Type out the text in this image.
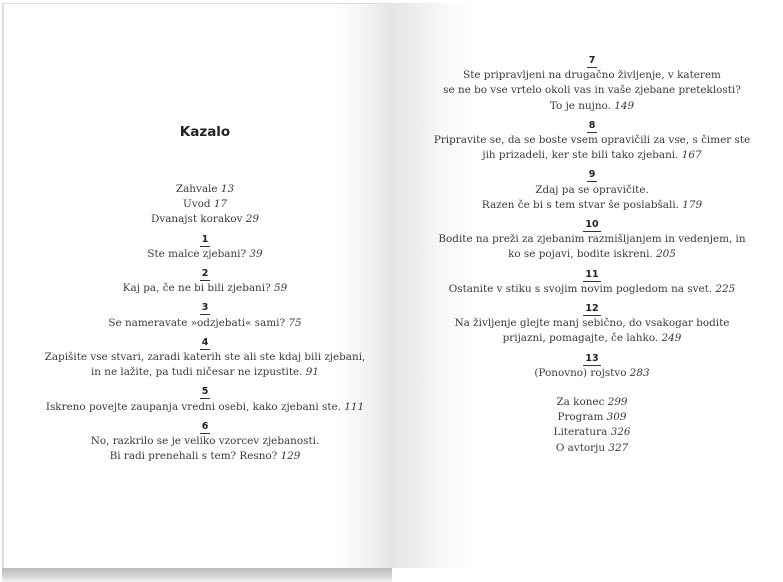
Kazalo
Zahvale 13
Uvod 17
Dvanajst korakov 29
1
Ste malce zjebani? 39
2
Kaj pa, če ne bi bili zjebani? 59
3
Se nameravate »odzjebati« sami? 75
4
Zapišite vse stvari, zaradi katerih ste ali ste kdaj bili zjebani,
in ne lažite, pa tudi ničesar ne izpustite. 91
5
Iskreno povejte zaupanja vredni osebi, kako zjebani ste. 111
6
No, razkrilo se je veliko vzorcev zjebanosti.
Bi radi prenehali s tem? Resno? 129
7
Ste pripravljeni na drugačno življenje, v katerem
se ne bo vse vrtelo okoli vas in vaše zjebane preteklosti?
To je nujno. 149
8
Pripravite se, da se boste vsem opravičili za vse, s čimer ste
jih prizadeli, ker ste bili tako zjebani. 167
9
Zdaj pa se opravičite.
Razen če bi s tem stvar še poslabšali. 179
10
Bodite na preži za zjebanim razmišljanjem in vedenjem, in
ko se pojavi, bodite iskreni. 205
11
Ostanite v stiku s svojim novim pogledom na svet. 225
12
Na življenje glejte manj sebično, do vsakogar bodite
prijazni, pomagajte, če lahko. 249
13
(Ponovno) rojstvo 283
Za konec 299
Program 309
Literatura 326
O avtorju 327
